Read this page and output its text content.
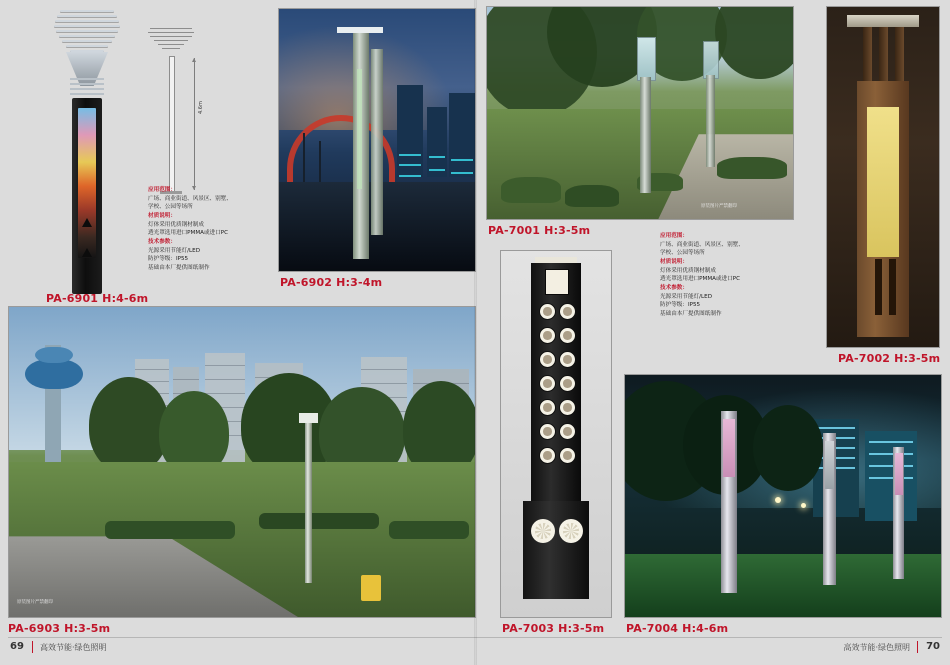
4.6m
应用范围：
广场、商业街道、风景区、别墅、
学校、公园等场所
材质说明：
灯体采用优质钢材制成
透光罩选用进口PMMA或进口PC
技术参数：
光源采用节能灯/LED
防护等级：IP55
基础由本厂提供图纸制作
PA-6901 H:4-6m
PA-6902 H:3-4m
原装图片严禁翻印
PA-7001 H:3-5m
PA-7002 H:3-5m
应用范围：
广场、商业街道、风景区、别墅、
学校、公园等场所
材质说明：
灯体采用优质钢材制成
透光罩选用进口PMMA或进口PC
技术参数：
光源采用节能灯/LED
防护等级：IP55
基础由本厂提供图纸制作
原装图片严禁翻印
PA-6903 H:3-5m	PA-7003 H:3-5m PA-7004 H:4-6m
69 高效节能·绿色照明	高效节能·绿色照明 70
